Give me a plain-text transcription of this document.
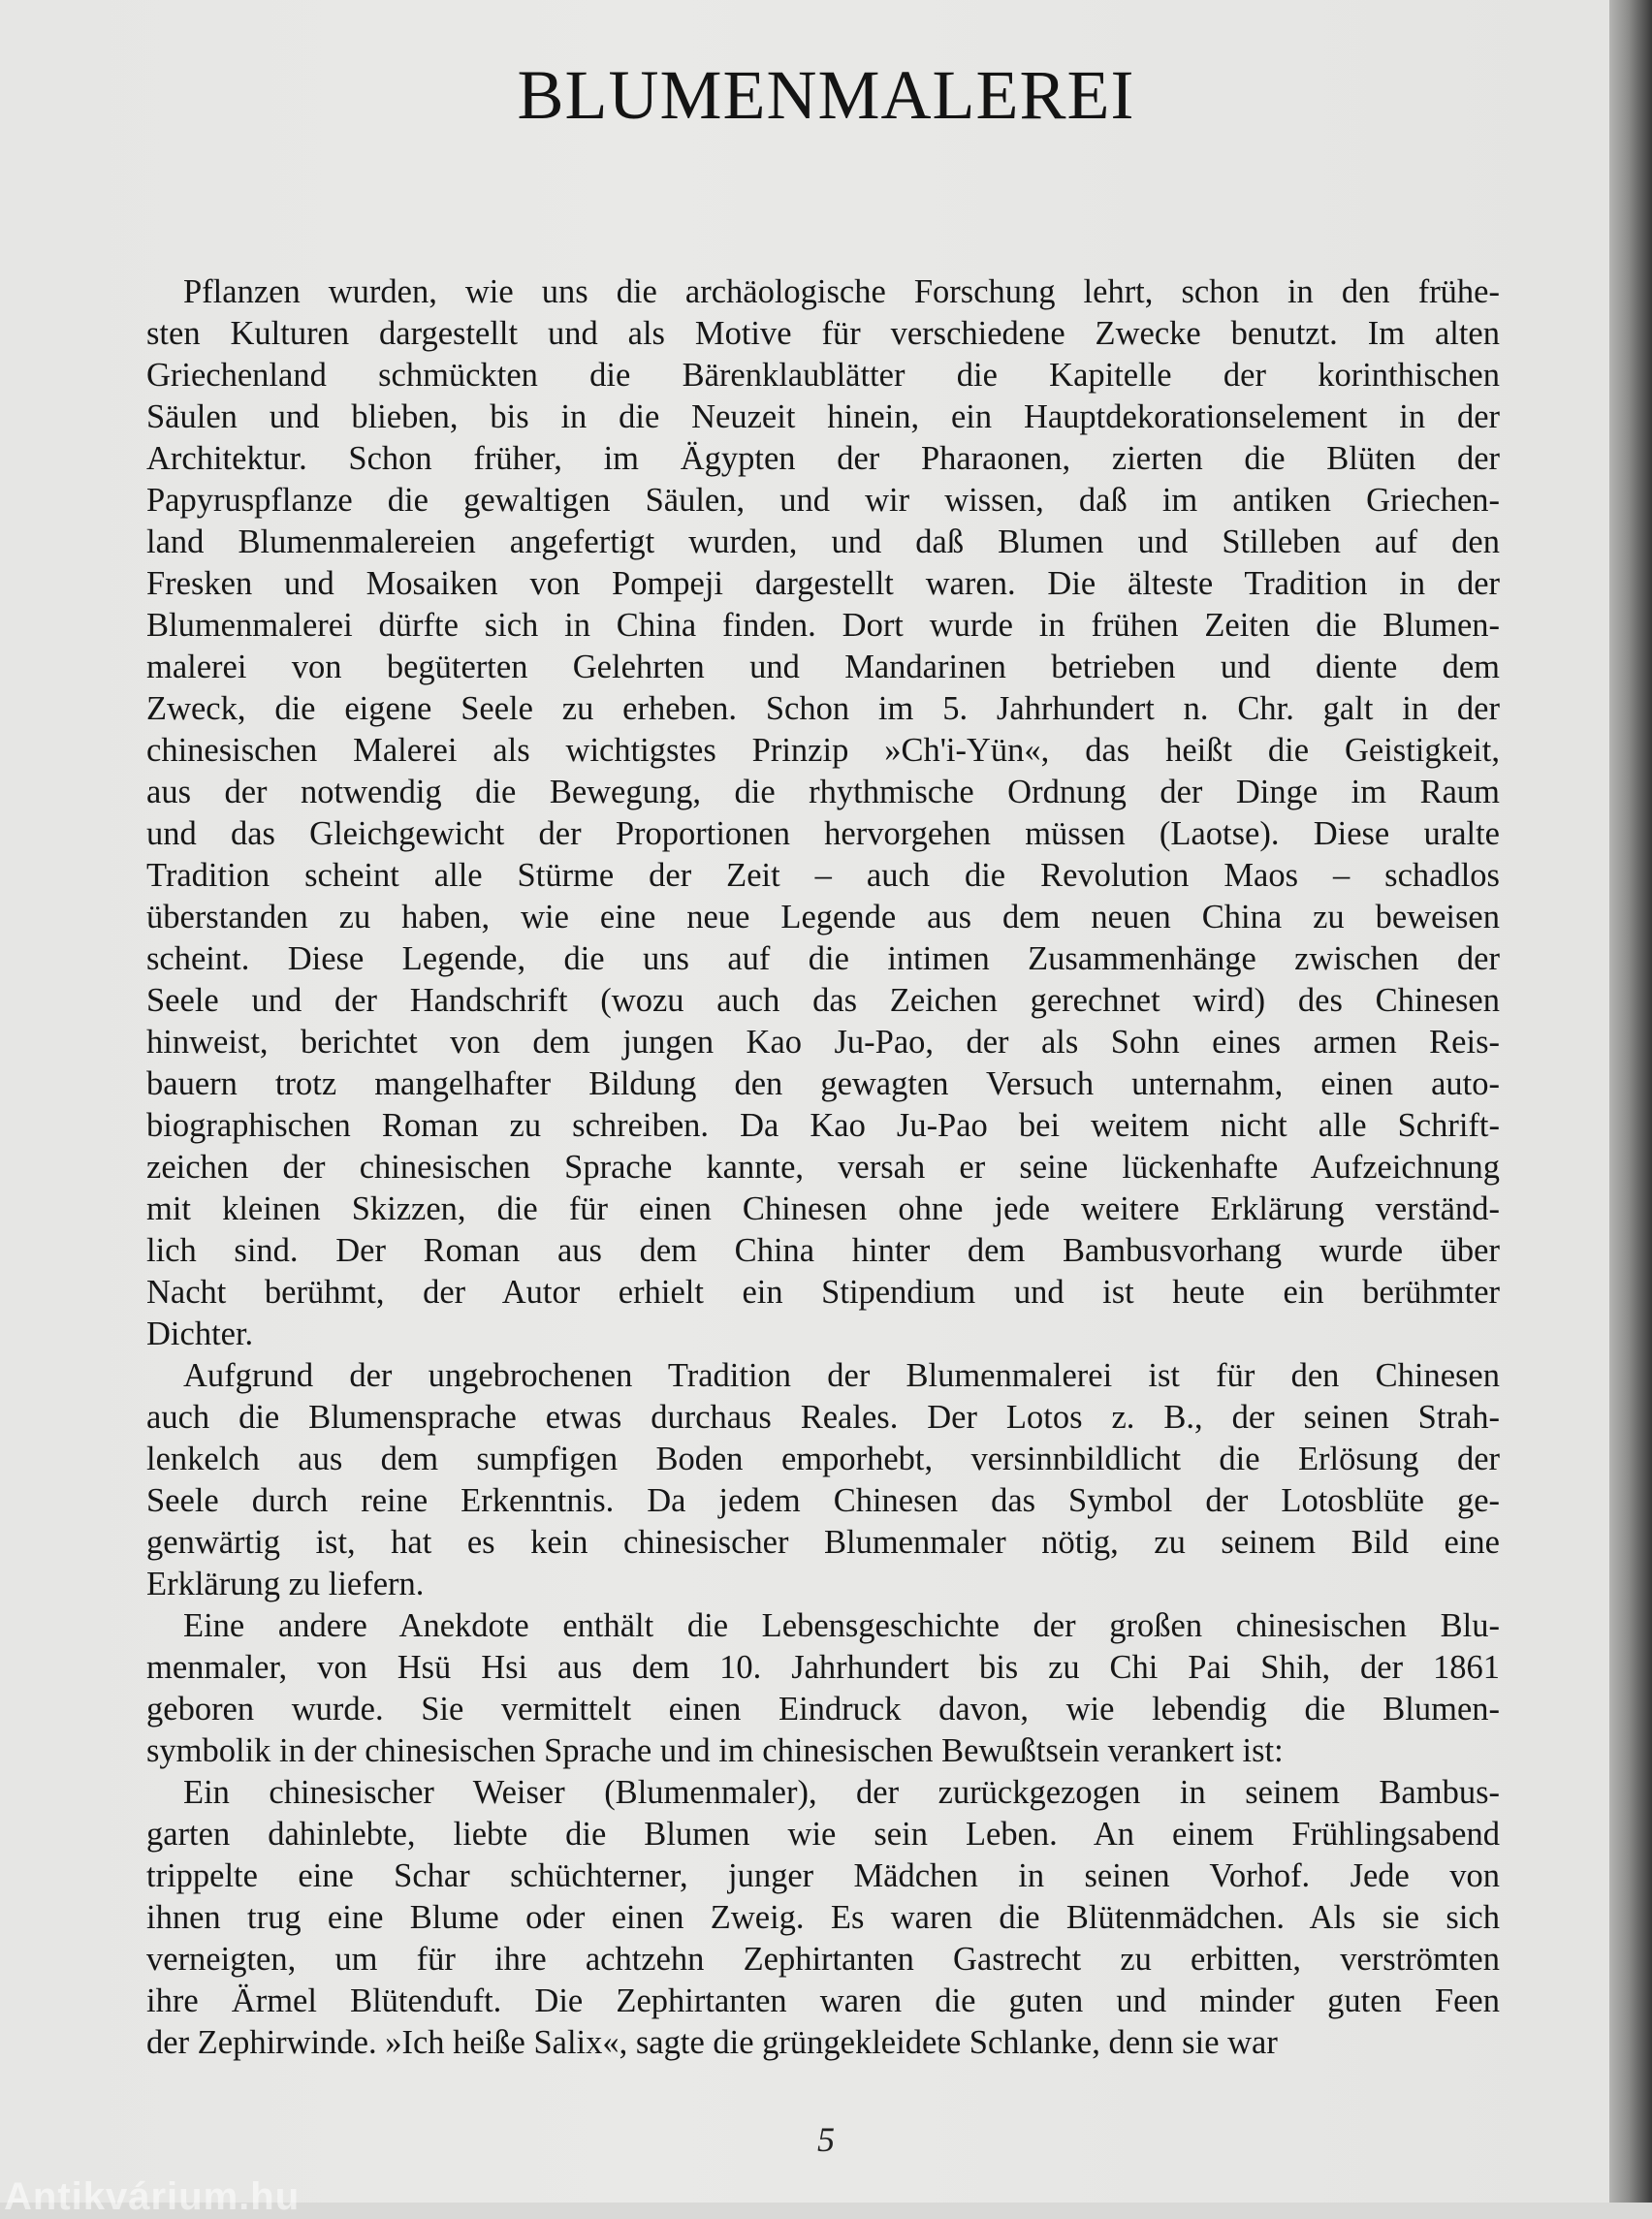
BLUMENMALEREI
Pflanzen wurden, wie uns die archäologische Forschung lehrt, schon in den frühe-
sten Kulturen dargestellt und als Motive für verschiedene Zwecke benutzt. Im alten
Griechenland schmückten die Bärenklaublätter die Kapitelle der korinthischen
Säulen und blieben, bis in die Neuzeit hinein, ein Hauptdekorationselement in der
Architektur. Schon früher, im Ägypten der Pharaonen, zierten die Blüten der
Papyruspflanze die gewaltigen Säulen, und wir wissen, daß im antiken Griechen-
land Blumenmalereien angefertigt wurden, und daß Blumen und Stilleben auf den
Fresken und Mosaiken von Pompeji dargestellt waren. Die älteste Tradition in der
Blumenmalerei dürfte sich in China finden. Dort wurde in frühen Zeiten die Blumen-
malerei von begüterten Gelehrten und Mandarinen betrieben und diente dem
Zweck, die eigene Seele zu erheben. Schon im 5. Jahrhundert n. Chr. galt in der
chinesischen Malerei als wichtigstes Prinzip »Ch'i-Yün«, das heißt die Geistigkeit,
aus der notwendig die Bewegung, die rhythmische Ordnung der Dinge im Raum
und das Gleichgewicht der Proportionen hervorgehen müssen (Laotse). Diese uralte
Tradition scheint alle Stürme der Zeit – auch die Revolution Maos – schadlos
überstanden zu haben, wie eine neue Legende aus dem neuen China zu beweisen
scheint. Diese Legende, die uns auf die intimen Zusammenhänge zwischen der
Seele und der Handschrift (wozu auch das Zeichen gerechnet wird) des Chinesen
hinweist, berichtet von dem jungen Kao Ju-Pao, der als Sohn eines armen Reis-
bauern trotz mangelhafter Bildung den gewagten Versuch unternahm, einen auto-
biographischen Roman zu schreiben. Da Kao Ju-Pao bei weitem nicht alle Schrift-
zeichen der chinesischen Sprache kannte, versah er seine lückenhafte Aufzeichnung
mit kleinen Skizzen, die für einen Chinesen ohne jede weitere Erklärung verständ-
lich sind. Der Roman aus dem China hinter dem Bambusvorhang wurde über
Nacht berühmt, der Autor erhielt ein Stipendium und ist heute ein berühmter
Dichter.
Aufgrund der ungebrochenen Tradition der Blumenmalerei ist für den Chinesen
auch die Blumensprache etwas durchaus Reales. Der Lotos z. B., der seinen Strah-
lenkelch aus dem sumpfigen Boden emporhebt, versinnbildlicht die Erlösung der
Seele durch reine Erkenntnis. Da jedem Chinesen das Symbol der Lotosblüte ge-
genwärtig ist, hat es kein chinesischer Blumenmaler nötig, zu seinem Bild eine
Erklärung zu liefern.
Eine andere Anekdote enthält die Lebensgeschichte der großen chinesischen Blu-
menmaler, von Hsü Hsi aus dem 10. Jahrhundert bis zu Chi Pai Shih, der 1861
geboren wurde. Sie vermittelt einen Eindruck davon, wie lebendig die Blumen-
symbolik in der chinesischen Sprache und im chinesischen Bewußtsein verankert ist:
Ein chinesischer Weiser (Blumenmaler), der zurückgezogen in seinem Bambus-
garten dahinlebte, liebte die Blumen wie sein Leben. An einem Frühlingsabend
trippelte eine Schar schüchterner, junger Mädchen in seinen Vorhof. Jede von
ihnen trug eine Blume oder einen Zweig. Es waren die Blütenmädchen. Als sie sich
verneigten, um für ihre achtzehn Zephirtanten Gastrecht zu erbitten, verströmten
ihre Ärmel Blütenduft. Die Zephirtanten waren die guten und minder guten Feen
der Zephirwinde. »Ich heiße Salix«, sagte die grüngekleidete Schlanke, denn sie war
5
Antikvárium.hu
